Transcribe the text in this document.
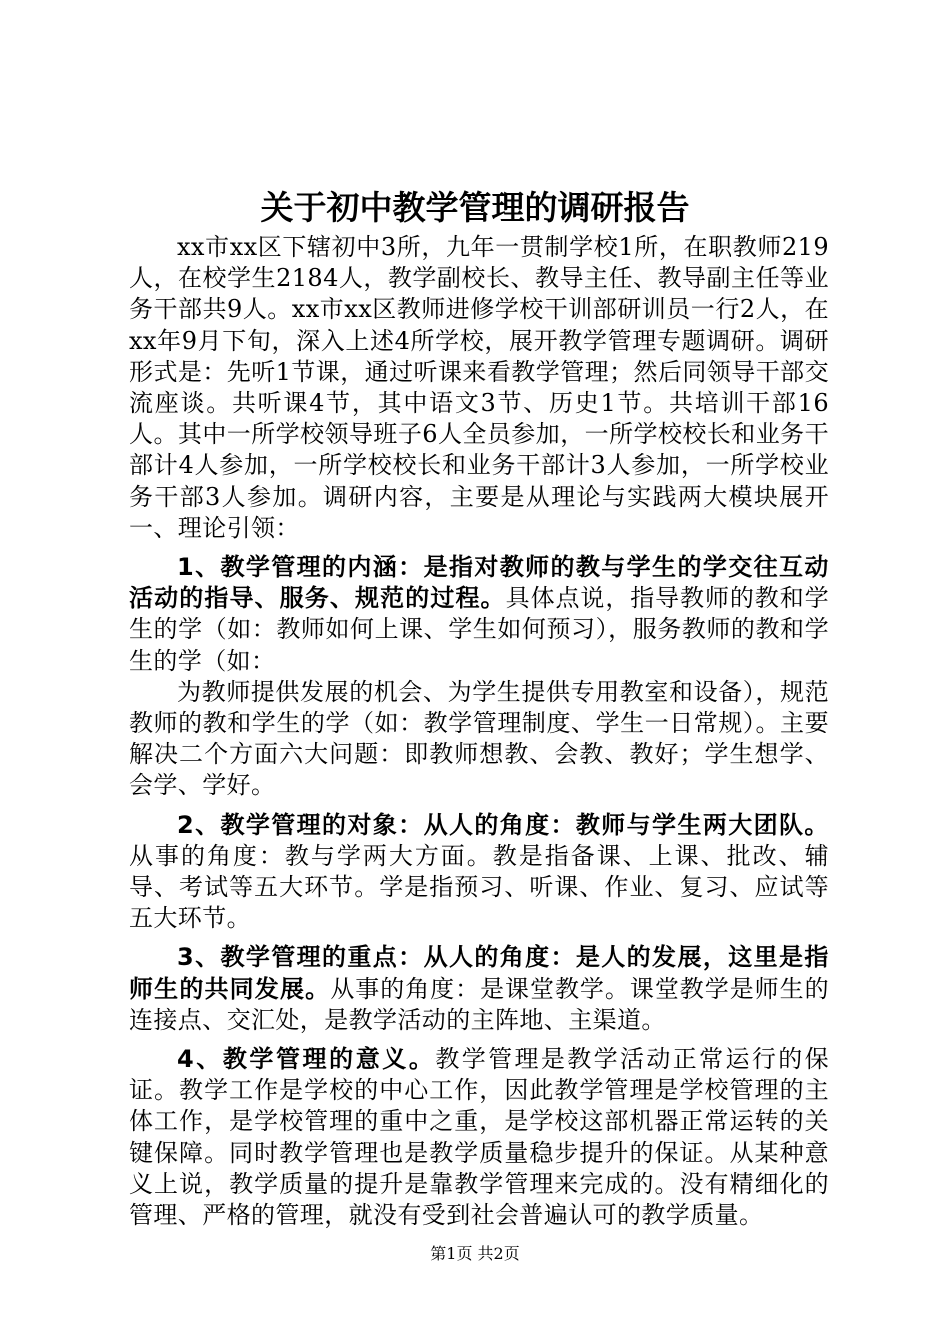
关于初中教学管理的调研报告

xx市xx区下辖初中3所，九年一贯制学校1所，在职教师219人，在校学生2184人，教学副校长、教导主任、教导副主任等业务干部共9人。xx市xx区教师进修学校干训部研训员一行2人，在xx年9月下旬，深入上述4所学校，展开教学管理专题调研。调研形式是：先听1节课，通过听课来看教学管理；然后同领导干部交流座谈。共听课4节，其中语文3节、历史1节。共培训干部16人。其中一所学校领导班子6人全员参加，一所学校校长和业务干部计4人参加，一所学校校长和业务干部计3人参加，一所学校业务干部3人参加。调研内容，主要是从理论与实践两大模块展开一、理论引领：

1、教学管理的内涵：是指对教师的教与学生的学交往互动活动的指导、服务、规范的过程。具体点说，指导教师的教和学生的学（如：教师如何上课、学生如何预习），服务教师的教和学生的学（如：

为教师提供发展的机会、为学生提供专用教室和设备），规范教师的教和学生的学（如：教学管理制度、学生一日常规）。主要解决二个方面六大问题：即教师想教、会教、教好；学生想学、会学、学好。

2、教学管理的对象：从人的角度：教师与学生两大团队。从事的角度：教与学两大方面。教是指备课、上课、批改、辅导、考试等五大环节。学是指预习、听课、作业、复习、应试等五大环节。

3、教学管理的重点：从人的角度：是人的发展，这里是指师生的共同发展。从事的角度：是课堂教学。课堂教学是师生的连接点、交汇处，是教学活动的主阵地、主渠道。

4、教学管理的意义。教学管理是教学活动正常运行的保证。教学工作是学校的中心工作，因此教学管理是学校管理的主体工作，是学校管理的重中之重，是学校这部机器正常运转的关键保障。同时教学管理也是教学质量稳步提升的保证。从某种意义上说，教学质量的提升是靠教学管理来完成的。没有精细化的管理、严格的管理，就没有受到社会普遍认可的教学质量。

第1页 共2页
